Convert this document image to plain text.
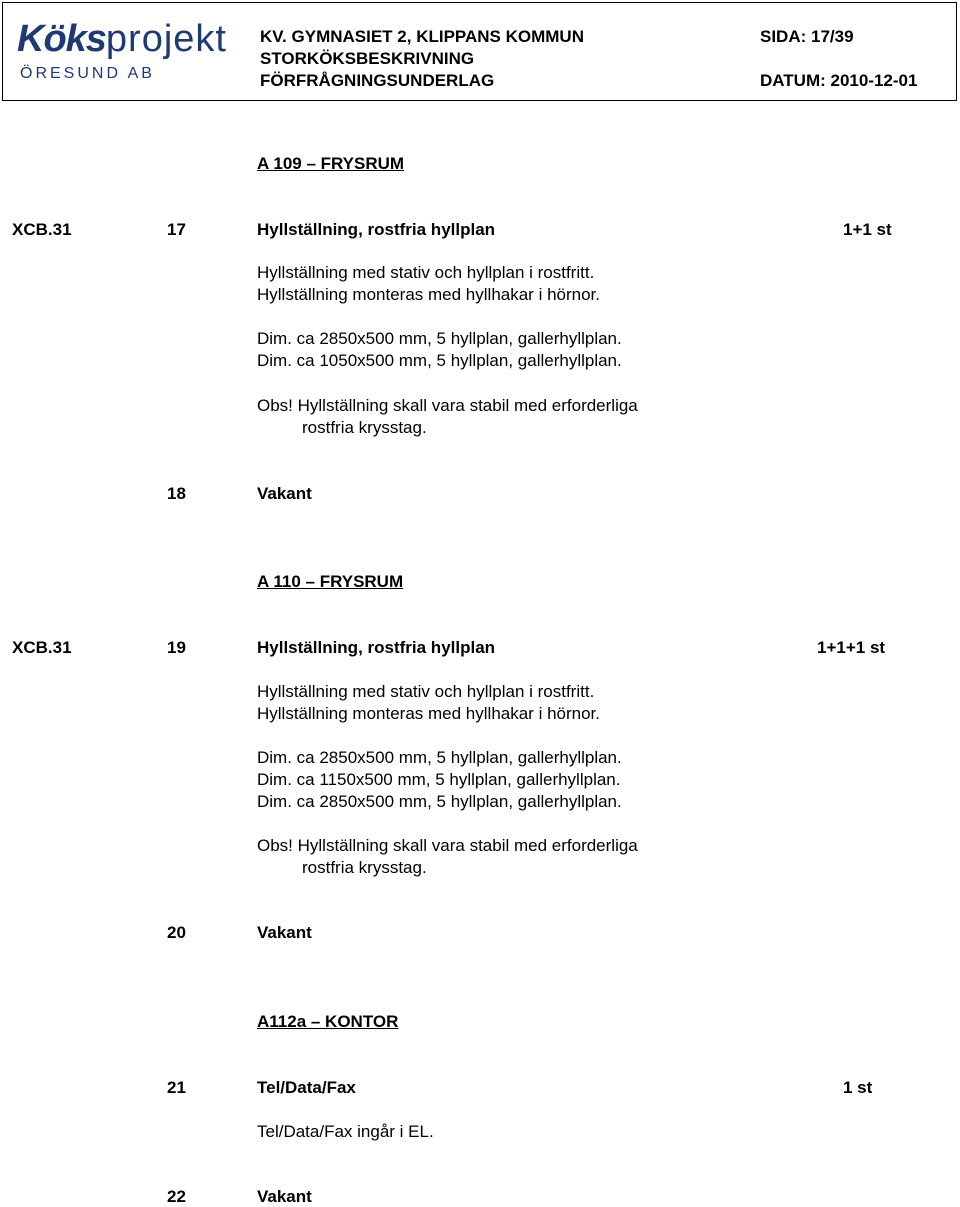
Köksprojekt
ÖRESUND AB
KV. GYMNASIET 2, KLIPPANS KOMMUN
STORKÖKSBESKRIVNING
FÖRFRÅGNINGSUNDERLAG
SIDA: 17/39
DATUM: 2010-12-01
A 109 – FRYSRUM
XCB.31	17	Hyllställning, rostfria hyllplan	1+1 st
Hyllställning med stativ och hyllplan i rostfritt.
Hyllställning monteras med hyllhakar i hörnor.
Dim. ca 2850x500 mm, 5 hyllplan, gallerhyllplan.
Dim. ca 1050x500 mm, 5 hyllplan, gallerhyllplan.
Obs! Hyllställning skall vara stabil med erforderliga
rostfria krysstag.
18	Vakant
A 110 – FRYSRUM
XCB.31	19	Hyllställning, rostfria hyllplan	1+1+1 st
Hyllställning med stativ och hyllplan i rostfritt.
Hyllställning monteras med hyllhakar i hörnor.
Dim. ca 2850x500 mm, 5 hyllplan, gallerhyllplan.
Dim. ca 1150x500 mm, 5 hyllplan, gallerhyllplan.
Dim. ca 2850x500 mm, 5 hyllplan, gallerhyllplan.
Obs! Hyllställning skall vara stabil med erforderliga
rostfria krysstag.
20	Vakant
A112a – KONTOR
21	Tel/Data/Fax	1 st
Tel/Data/Fax ingår i EL.
22	Vakant
